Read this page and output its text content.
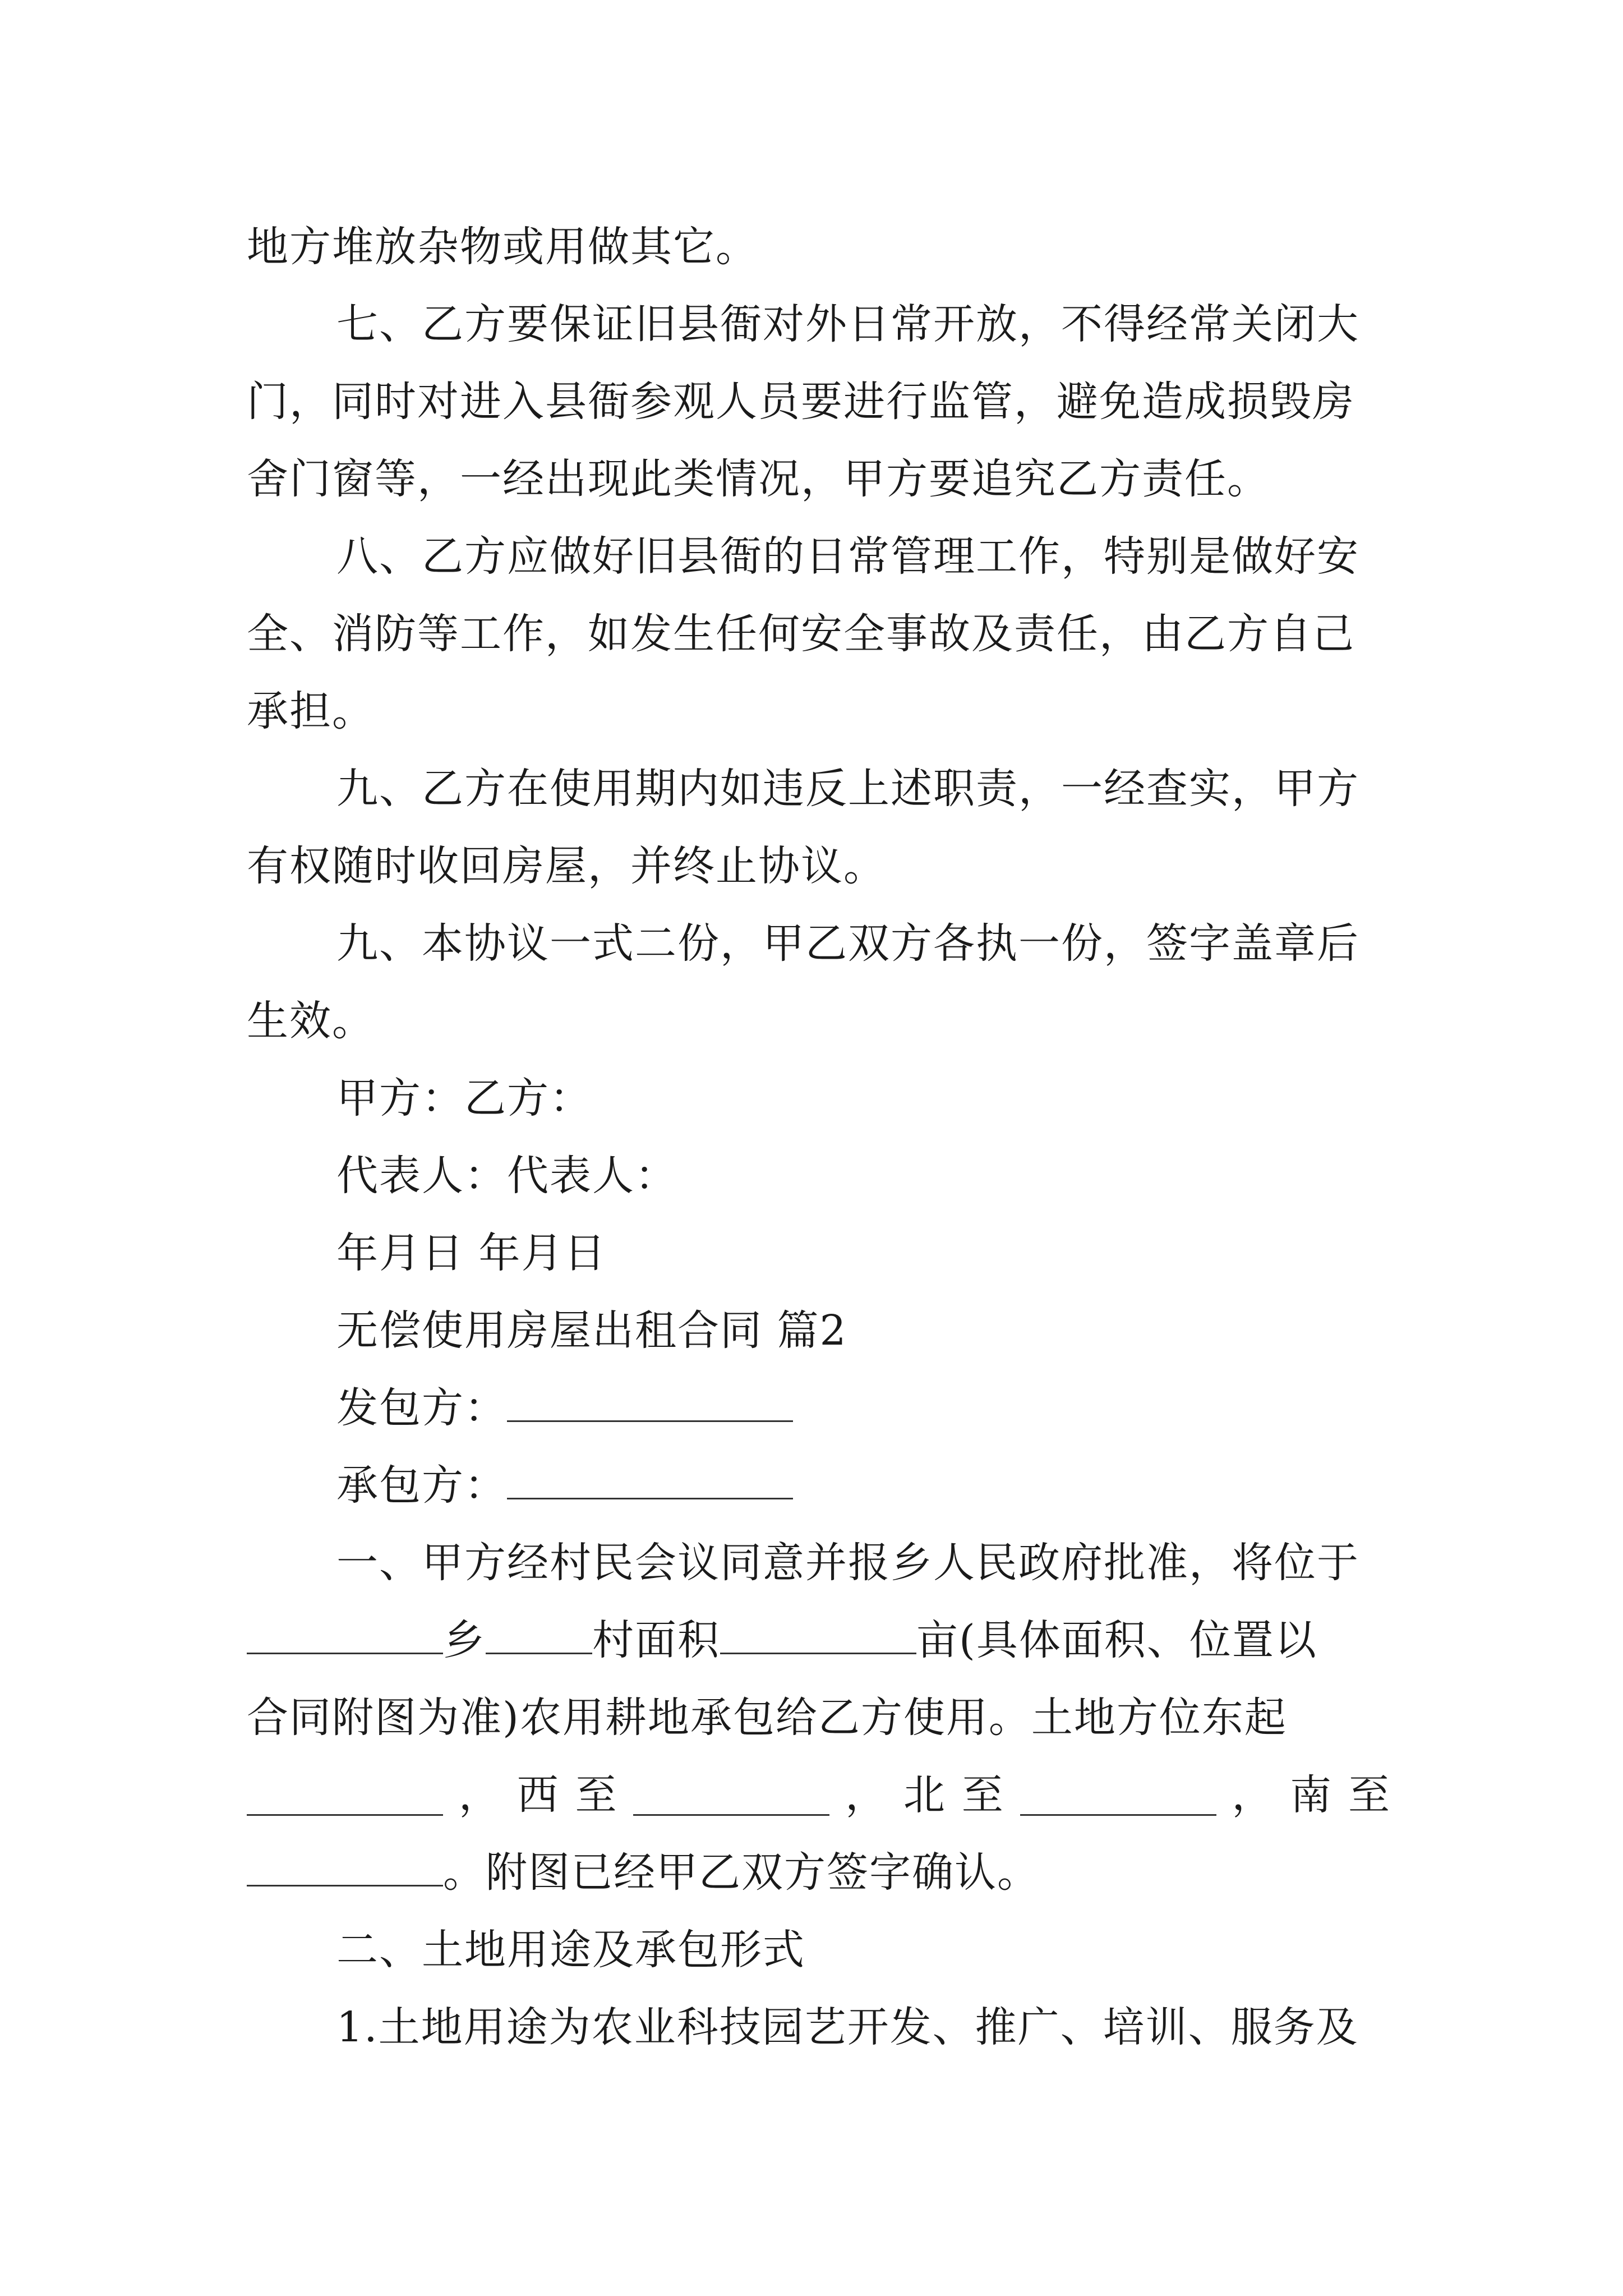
地方堆放杂物或用做其它。
七、乙方要保证旧县衙对外日常开放，不得经常关闭大
门，同时对进入县衙参观人员要进行监管，避免造成损毁房
舍门窗等，一经出现此类情况，甲方要追究乙方责任。
八、乙方应做好旧县衙的日常管理工作，特别是做好安
全、消防等工作，如发生任何安全事故及责任，由乙方自己
承担。
九、乙方在使用期内如违反上述职责，一经查实，甲方
有权随时收回房屋，并终止协议。
九、本协议一式二份，甲乙双方各执一份，签字盖章后
生效。
甲方：乙方：
代表人：代表人：
年月日 年月日
无偿使用房屋出租合同 篇2
发包方：
承包方：
一、甲方经村民会议同意并报乡人民政府批准，将位于
乡	村面积	亩(具体面积、位置以
合同附图为准)农用耕地承包给乙方使用。土地方位东起
， 西 至	， 北 至	， 南 至
。附图已经甲乙双方签字确认。
二、土地用途及承包形式
1.土地用途为农业科技园艺开发、推广、培训、服务及
